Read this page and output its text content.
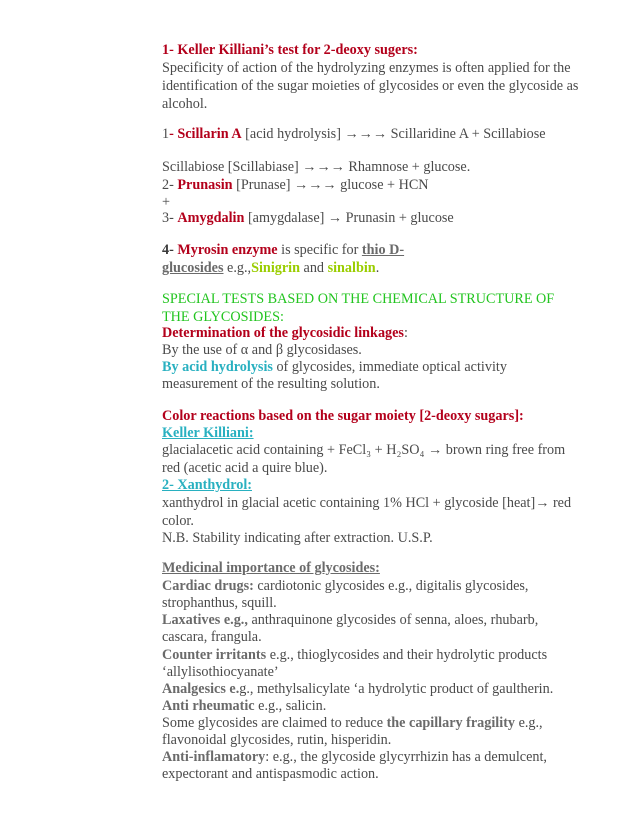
1- Keller Killiani’s test for 2-deoxy sugers:
Specificity of action of the hydrolyzing enzymes is often applied for the
identification of the sugar moieties of glycosides or even the glycoside as
alcohol.
1- Scillarin A [acid hydrolysis] →→→ Scillaridine A + Scillabiose
Scillabiose [Scillabiase] →→→ Rhamnose + glucose.
2- Prunasin [Prunase] →→→ glucose + HCN
+
3- Amygdalin [amygdalase] → Prunasin + glucose
4- Myrosin enzyme is specific for thio D-
glucosides e.g.,Sinigrin and sinalbin.
SPECIAL TESTS BASED ON THE CHEMICAL STRUCTURE OF
THE GLYCOSIDES:
Determination of the glycosidic linkages:
By the use of α and β glycosidases.
By acid hydrolysis of glycosides, immediate optical activity
measurement of the resulting solution.
Color reactions based on the sugar moiety [2-deoxy sugars]:
Keller Killiani:
glacialacetic acid containing + FeCl₃ + H₂SO₄ → brown ring free from
red (acetic acid a quire blue).
2- Xanthydrol:
xanthydrol in glacial acetic containing 1% HCl + glycoside [heat]→ red
color.
N.B. Stability indicating after extraction. U.S.P.
Medicinal importance of glycosides:
Cardiac drugs: cardiotonic glycosides e.g., digitalis glycosides,
strophanthus, squill.
Laxatives e.g., anthraquinone glycosides of senna, aloes, rhubarb,
cascara, frangula.
Counter irritants e.g., thioglycosides and their hydrolytic products
‘allylisothiocyanate’
Analgesics e.g., methylsalicylate ‘a hydrolytic product of gaultherin.
Anti rheumatic e.g., salicin.
Some glycosides are claimed to reduce the capillary fragility e.g.,
flavonoidal glycosides, rutin, hisperidin.
Anti-inflamatory: e.g., the glycoside glycyrrhizin has a demulcent,
expectorant and antispasmodic action.
